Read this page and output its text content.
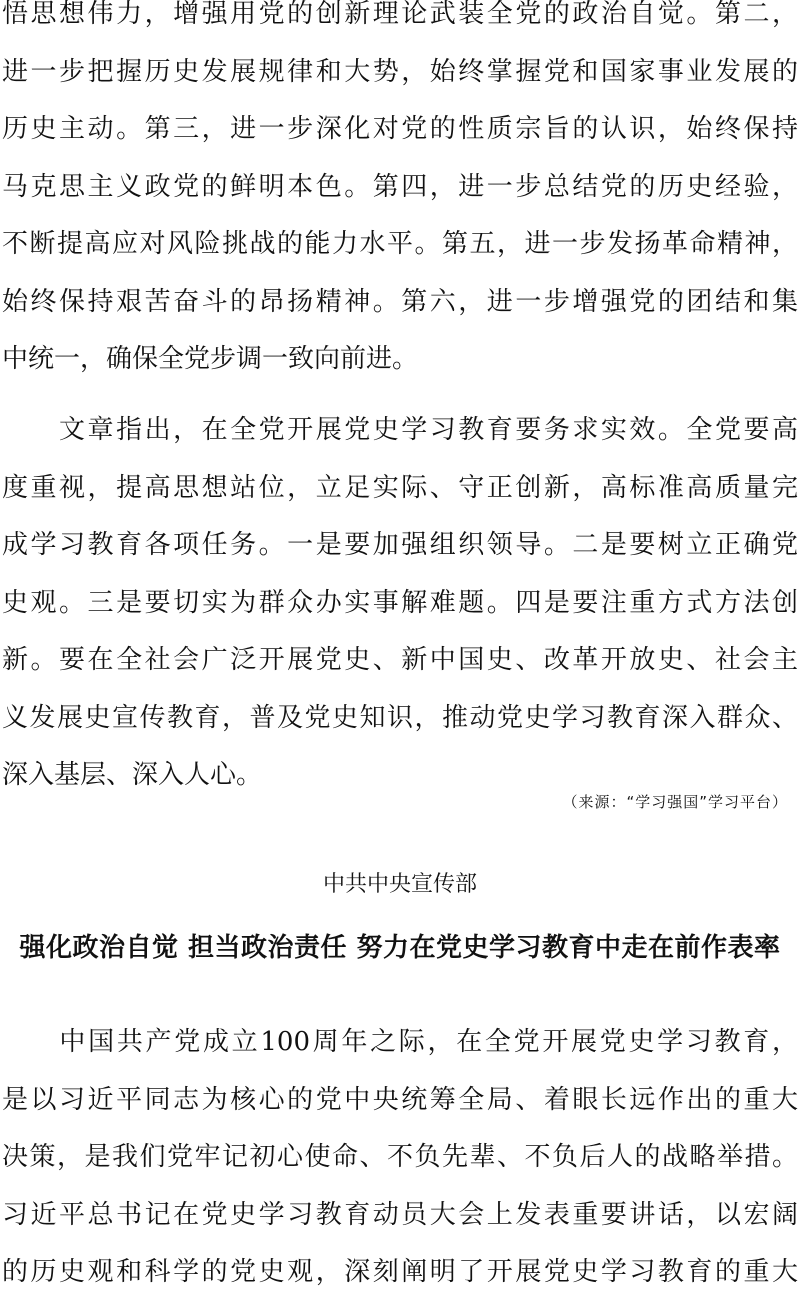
悟思想伟力，增强用党的创新理论武装全党的政治自觉。第二，
进一步把握历史发展规律和大势，始终掌握党和国家事业发展的
历史主动。第三，进一步深化对党的性质宗旨的认识，始终保持
马克思主义政党的鲜明本色。第四，进一步总结党的历史经验，
不断提高应对风险挑战的能力水平。第五，进一步发扬革命精神，
始终保持艰苦奋斗的昂扬精神。第六，进一步增强党的团结和集
中统一，确保全党步调一致向前进。
　　文章指出，在全党开展党史学习教育要务求实效。全党要高
度重视，提高思想站位，立足实际、守正创新，高标准高质量完
成学习教育各项任务。一是要加强组织领导。二是要树立正确党
史观。三是要切实为群众办实事解难题。四是要注重方式方法创
新。要在全社会广泛开展党史、新中国史、改革开放史、社会主
义发展史宣传教育，普及党史知识，推动党史学习教育深入群众、
深入基层、深入人心。
（来源：“学习强国”学习平台）
中共中央宣传部
强化政治自觉 担当政治责任 努力在党史学习教育中走在前作表率
　　中国共产党成立100周年之际，在全党开展党史学习教育，
是以习近平同志为核心的党中央统筹全局、着眼长远作出的重大
决策，是我们党牢记初心使命、不负先辈、不负后人的战略举措。
习近平总书记在党史学习教育动员大会上发表重要讲话，以宏阔
的历史观和科学的党史观，深刻阐明了开展党史学习教育的重大
